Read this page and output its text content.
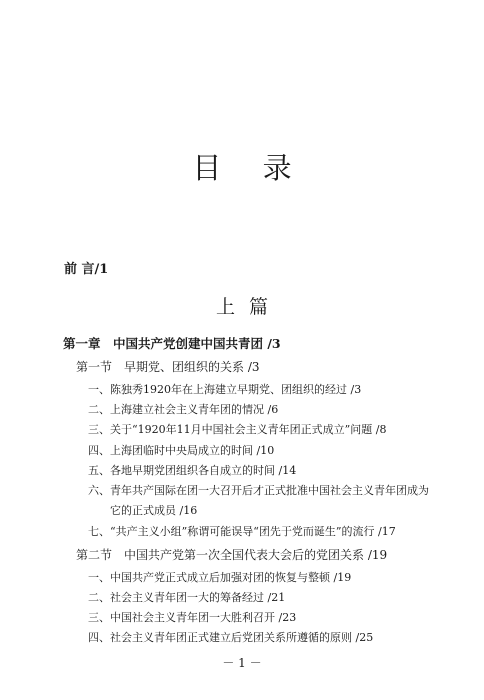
目 录
前 言/1
上 篇
第一章　中国共产党创建中国共青团 /3
第一节　早期党、团组织的关系 /3
一、陈独秀1920年在上海建立早期党、团组织的经过 /3
二、上海建立社会主义青年团的情况 /6
三、关于“1920年11月中国社会主义青年团正式成立”问题 /8
四、上海团临时中央局成立的时间 /10
五、各地早期党团组织各自成立的时间 /14
六、青年共产国际在团一大召开后才正式批准中国社会主义青年团成为
它的正式成员 /16
七、“共产主义小组”称谓可能误导“团先于党而诞生”的流行 /17
第二节　中国共产党第一次全国代表大会后的党团关系 /19
一、中国共产党正式成立后加强对团的恢复与整顿 /19
二、社会主义青年团一大的筹备经过 /21
三、中国社会主义青年团一大胜利召开 /23
四、社会主义青年团正式建立后党团关系所遵循的原则 /25
－ 1 －
